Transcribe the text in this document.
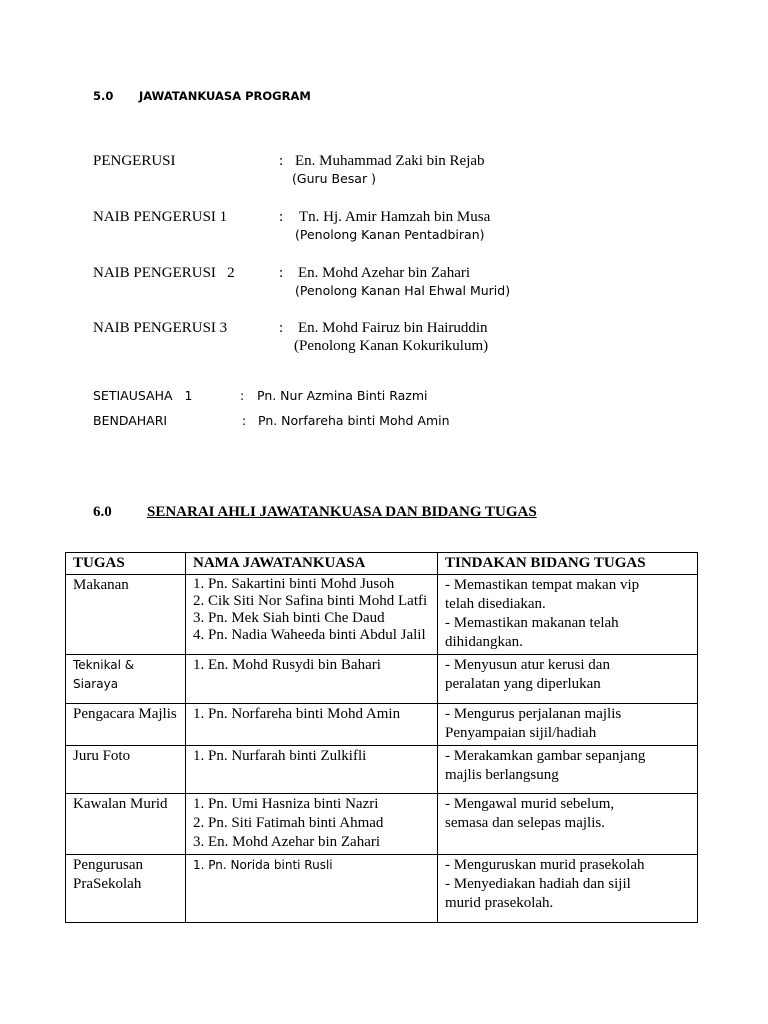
5.0 JAWATANKUASA PROGRAM
PENGERUSI	: En. Muhammad Zaki bin Rejab
(Guru Besar )
NAIB PENGERUSI 1	: Tn. Hj. Amir Hamzah bin Musa
(Penolong Kanan Pentadbiran)
NAIB PENGERUSI   2	: En. Mohd Azehar bin Zahari
(Penolong Kanan Hal Ehwal Murid)
NAIB PENGERUSI 3	: En. Mohd Fairuz bin Hairuddin
(Penolong Kanan Kokurikulum)
SETIAUSAHA   1	: Pn. Nur Azmina Binti Razmi
BENDAHARI	: Pn. Norfareha binti Mohd Amin
6.0 SENARAI AHLI JAWATANKUASA DAN BIDANG TUGAS
TUGAS	NAMA JAWATANKUASA	TINDAKAN BIDANG TUGAS
Makanan	1. Pn. Sakartini binti Mohd Jusoh
2. Cik Siti Nor Safina binti Mohd Latfi
3. Pn. Mek Siah binti Che Daud
4. Pn. Nadia Waheeda binti Abdul Jalil	- Memastikan tempat makan vip
telah disediakan.
- Memastikan makanan telah
dihidangkan.

Teknikal & Siaraya	1. En. Mohd Rusydi bin Bahari	- Menyusun atur kerusi dan
peralatan yang diperlukan

Pengacara Majlis	1. Pn. Norfareha binti Mohd Amin	- Mengurus perjalanan majlis
Penyampaian sijil/hadiah

Juru Foto	1. Pn. Nurfarah binti Zulkifli	- Merakamkan gambar sepanjang
majlis berlangsung

Kawalan Murid	1. Pn. Umi Hasniza binti Nazri
2. Pn. Siti Fatimah binti Ahmad
3. En. Mohd Azehar bin Zahari	- Mengawal murid sebelum,
semasa dan selepas majlis.

Pengurusan PraSekolah	1. Pn. Norida binti Rusli	- Menguruskan murid prasekolah
- Menyediakan hadiah dan sijil
murid prasekolah.
